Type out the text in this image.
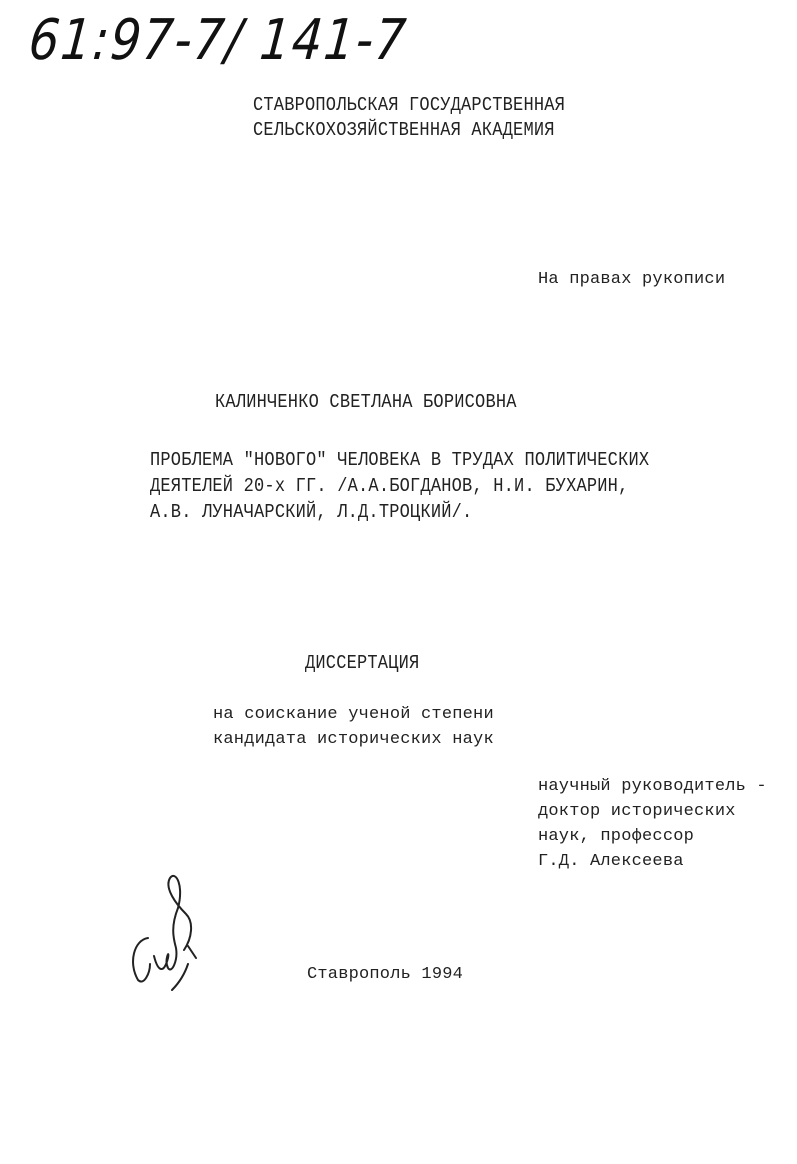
61:97-7/ 141-7
СТАВРОПОЛЬСКАЯ ГОСУДАРСТВЕННАЯ
СЕЛЬСКОХОЗЯЙСТВЕННАЯ АКАДЕМИЯ
На правах рукописи
КАЛИНЧЕНКО СВЕТЛАНА БОРИСОВНА
ПРОБЛЕМА "НОВОГО" ЧЕЛОВЕКА В ТРУДАХ ПОЛИТИЧЕСКИХ
ДЕЯТЕЛЕЙ 20-х ГГ. /А.А.БОГДАНОВ, Н.И. БУХАРИН,
А.В. ЛУНАЧАРСКИЙ, Л.Д.ТРОЦКИЙ/.
ДИССЕРТАЦИЯ
на соискание ученой степени
кандидата исторических наук
научный руководитель -
доктор исторических
наук, профессор
Г.Д. Алексеева
Ставрополь 1994
